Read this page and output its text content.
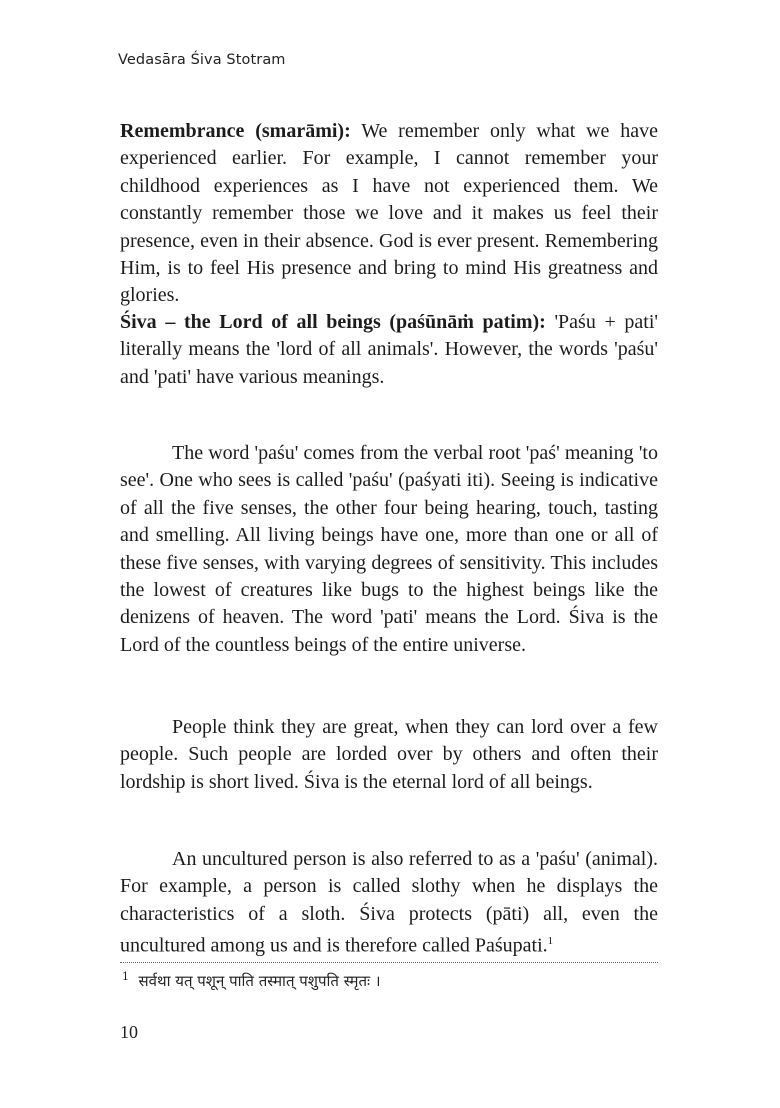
Vedasāra Śiva Stotram

Remembrance (smarāmi): We remember only what we have experienced earlier. For example, I cannot remember your childhood experiences as I have not experienced them. We constantly remember those we love and it makes us feel their presence, even in their absence. God is ever present. Remembering Him, is to feel His presence and bring to mind His greatness and glories.

Śiva – the Lord of all beings (paśūnāṁ patim): 'Paśu + pati' literally means the 'lord of all animals'. However, the words 'paśu' and 'pati' have various meanings.

The word 'paśu' comes from the verbal root 'paś' meaning 'to see'. One who sees is called 'paśu' (paśyati iti). Seeing is indicative of all the five senses, the other four being hearing, touch, tasting and smelling. All living beings have one, more than one or all of these five senses, with varying degrees of sensitivity. This includes the lowest of creatures like bugs to the highest beings like the denizens of heaven. The word 'pati' means the Lord. Śiva is the Lord of the countless beings of the entire universe.

People think they are great, when they can lord over a few people. Such people are lorded over by others and often their lordship is short lived. Śiva is the eternal lord of all beings.

An uncultured person is also referred to as a 'paśu' (animal). For example, a person is called slothy when he displays the characteristics of a sloth. Śiva protects (pāti) all, even the uncultured among us and is therefore called Paśupati.$^1$

$^1$ सर्वथा यत् पशून् पाति तस्मात् पशुपति स्मृतः ।
10
